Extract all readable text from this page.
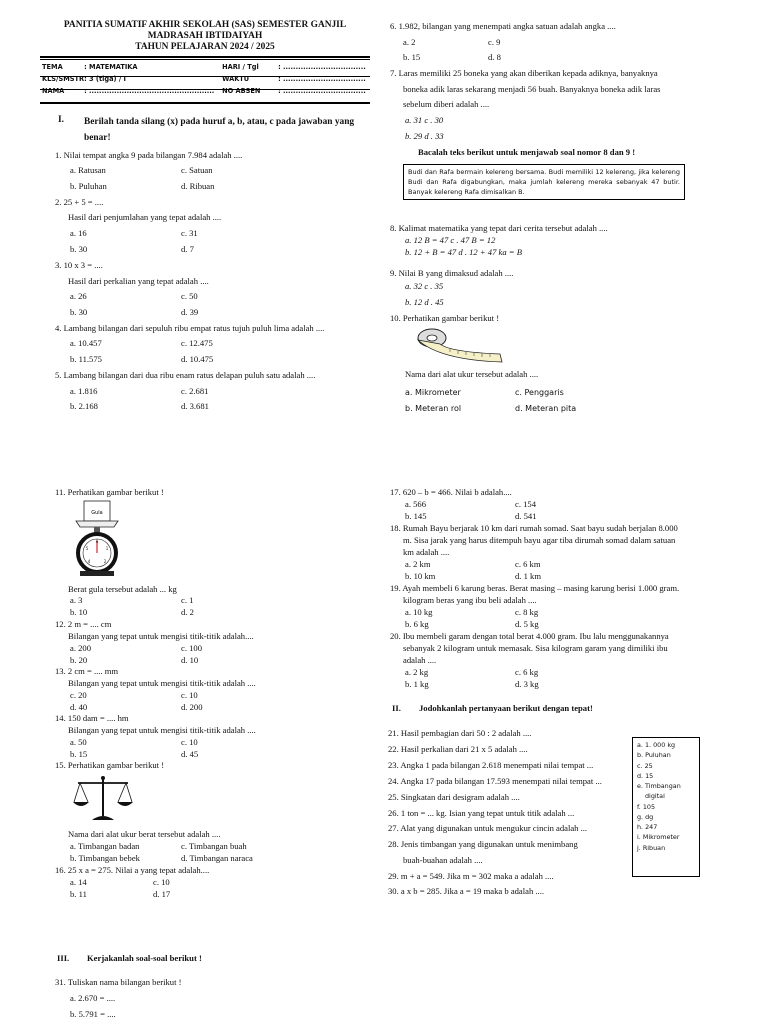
PANITIA SUMATIF AKHIR SEKOLAH (SAS) SEMESTER GANJIL
MADRASAH IBTIDAIYAH
TAHUN PELAJARAN 2024 / 2025
TEMA	: MATEMATIKA	HARI / Tgl	: .................................
KLS/SMSTR	: 3 (tiga) / I	WAKTU	: .................................
NAMA	: ..................................................	NO ABSEN	: .................................
I. Berilah tanda silang (x) pada huruf a, b, atau, c pada jawaban yang benar!
1. Nilai tempat angka 9 pada bilangan 7.984 adalah ....
a. Ratusan	c. Satuan
b. Puluhan	d. Ribuan
2. 25 + 5 = ....
Hasil dari penjumlahan yang tepat adalah ....
a. 16	c. 31
b. 30	d. 7
3. 10 x 3 = ....
Hasil dari perkalian yang tepat adalah ....
a. 26	c. 50
b. 30	d. 39
4. Lambang bilangan dari sepuluh ribu empat ratus tujuh puluh lima adalah ....
a. 10.457	c. 12.475
b. 11.575	d. 10.475
5. Lambang bilangan dari dua ribu enam ratus delapan puluh satu adalah ....
a. 1.816	c. 2.681
b. 2.168	d. 3.681
6. 1.982, bilangan yang menempati angka satuan adalah angka ....
a. 2	c. 9
b. 15	d. 8
7. Laras memiliki 25 boneka yang akan diberikan kepada adiknya, banyaknya
boneka adik laras sekarang menjadi 56 buah. Banyaknya boneka adik laras
sebelum diberi adalah ....
a. 31 c . 30
b. 29 d . 33
Bacalah teks berikut untuk menjawab soal nomor 8 dan 9 !
Budi dan Rafa bermain kelereng bersama. Budi memiliki 12 kelereng, jika kelereng Budi dan Rafa digabungkan, maka jumlah kelereng mereka sebanyak 47 butir. Banyak kelereng Rafa dimisalkan B.
8. Kalimat matematika yang tepat dari cerita tersebut adalah ....
a. 12 B = 47 c . 47 B = 12
b. 12 + B = 47 d . 12 + 47 ka = B
9. Nilai B yang dimaksud adalah ....
a. 32 c . 35
b. 12 d . 45
10. Perhatikan gambar berikut !
Nama dari alat ukur tersebut adalah ....
a. Mikrometer	c. Penggaris
b. Meteran rol	d. Meteran pita
11. Perhatikan gambar berikut !
Gula
0
1
2
4
5
Berat gula tersebut adalah ... kg
a. 3	c. 1
b. 10	d. 2
12. 2 m = .... cm
Bilangan yang tepat untuk mengisi titik-titik adalah....
a. 200	c. 100
b. 20	d. 10
13. 2 cm = .... mm
Bilangan yang tepat untuk mengisi titik-titik adalah ....
c. 20	c. 10
d. 40	d. 200
14. 150 dam = .... hm
Bilangan yang tepat untuk mengisi titik-titik adalah ....
a. 50	c. 10
b. 15	d. 45
15. Perhatikan gambar berikut !
Nama dari alat ukur berat tersebut adalah ....
a. Timbangan badan	c. Timbangan buah
b. Timbangan bebek	d. Timbangan naraca
16. 25 x a = 275. Nilai a yang tepat adalah....
a. 14	c. 10
b. 11	d. 17
17. 620 – b = 466. Nilai b adalah....
a. 566	c. 154
b. 145	d. 541
18. Rumah Bayu berjarak 10 km dari rumah somad. Saat bayu sudah berjalan 8.000
m. Sisa jarak yang harus ditempuh bayu agar tiba dirumah somad dalam satuan
km adalah ....
a. 2 km	c. 6 km
b. 10 km	d. 1 km
19. Ayah membeli 6 karung beras. Berat masing – masing karung berisi 1.000 gram.
kilogram beras yang ibu beli adalah ....
a. 10 kg	c. 8 kg
b. 6 kg	d. 5 kg
20. Ibu membeli garam dengan total berat 4.000 gram. Ibu lalu menggunakannya
sebanyak 2 kilogram untuk memasak. Sisa kilogram garam yang dimiliki ibu
adalah ....
a. 2 kg	c. 6 kg
b. 1 kg	d. 3 kg
II. Jodohkanlah pertanyaan berikut dengan tepat!
21. Hasil pembagian dari 50 : 2 adalah ....
22. Hasil perkalian dari 21 x 5 adalah ....
23. Angka 1 pada bilangan 2.618 menempati nilai tempat ...
24. Angka 17 pada bilangan 17.593 menempati nilai tempat ...
25. Singkatan dari desigram adalah ....
26. 1 ton = ... kg. Isian yang tepat untuk titik adalah ...
27. Alat yang digunakan untuk mengukur cincin adalah ...
28. Jenis timbangan yang digunakan untuk menimbang
buah-buahan adalah ....
29. m + a = 549. Jika m = 302 maka a adalah ....
30. a x b = 285. Jika a = 19 maka b adalah ....
a. 1. 000 kg
b. Puluhan
c. 25
d. 15
e. Timbangan
digital
f. 105
g. dg
h. 247
i. Mikrometer
j. Ribuan
III. Kerjakanlah soal-soal berikut !
31. Tuliskan nama bilangan berikut !
a. 2.670 = ....
b. 5.791 = ....
